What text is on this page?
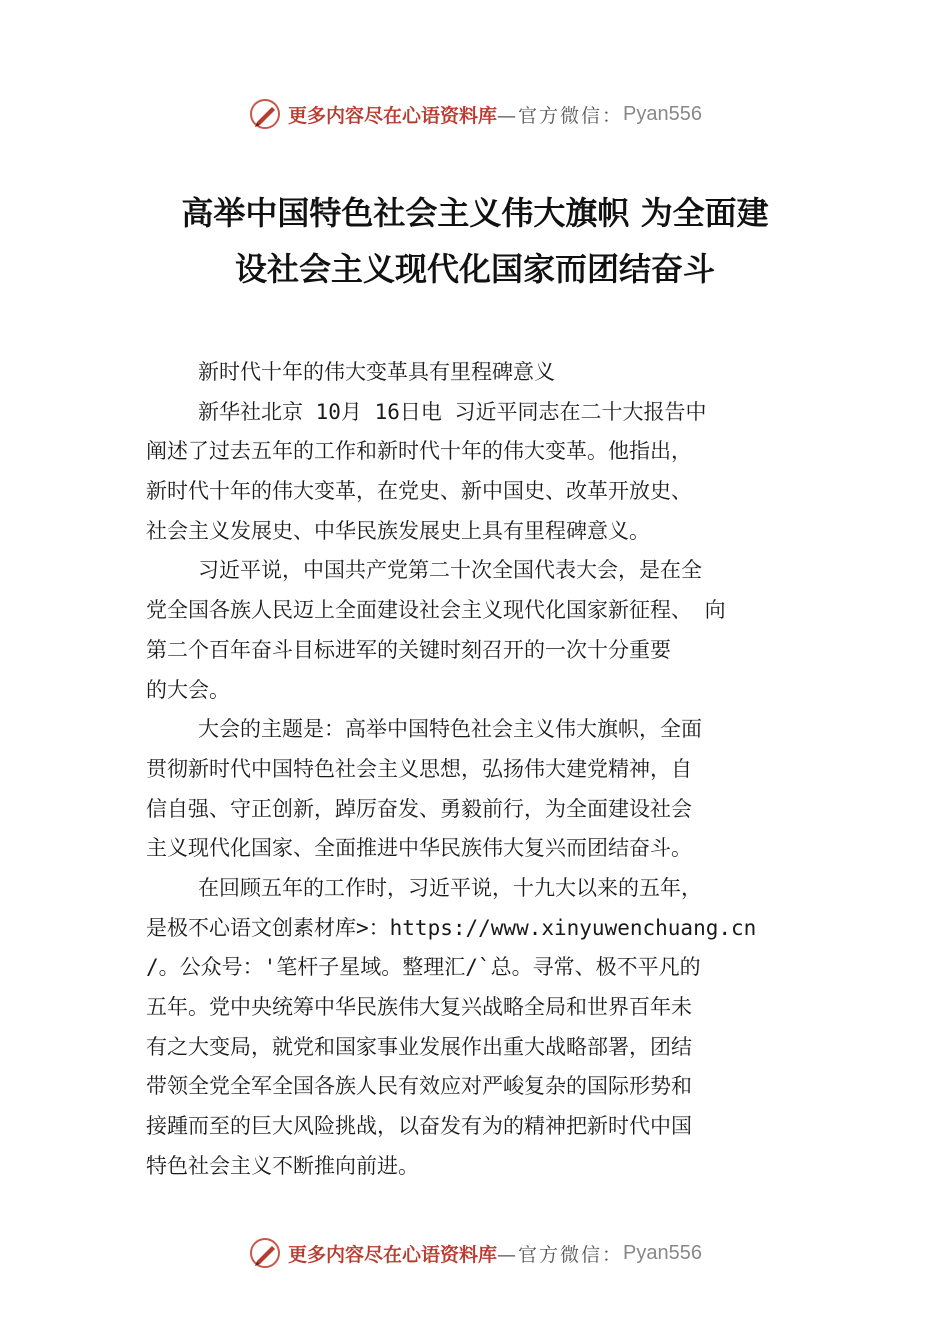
更多内容尽在心语资料库 —官方微信： Pyan556
高举中国特色社会主义伟大旗帜 为全面建
设社会主义现代化国家而团结奋斗
新时代十年的伟大变革具有里程碑意义
新华社北京 10月 16日电 习近平同志在二十大报告中
阐述了过去五年的工作和新时代十年的伟大变革。他指出，
新时代十年的伟大变革，在党史、新中国史、改革开放史、
社会主义发展史、中华民族发展史上具有里程碑意义。
习近平说，中国共产党第二十次全国代表大会，是在全
党全国各族人民迈上全面建设社会主义现代化国家新征程、 向
第二个百年奋斗目标进军的关键时刻召开的一次十分重要
的大会。
大会的主题是：高举中国特色社会主义伟大旗帜，全面
贯彻新时代中国特色社会主义思想，弘扬伟大建党精神，自
信自强、守正创新，踔厉奋发、勇毅前行，为全面建设社会
主义现代化国家、全面推进中华民族伟大复兴而团结奋斗。
在回顾五年的工作时，习近平说，十九大以来的五年，
是极不心语文创素材库>：https://www.xinyuwenchuang.cn
/。公众号：'笔杆子星域。整理汇/`总。寻常、极不平凡的
五年。党中央统筹中华民族伟大复兴战略全局和世界百年未
有之大变局，就党和国家事业发展作出重大战略部署，团结
带领全党全军全国各族人民有效应对严峻复杂的国际形势和
接踵而至的巨大风险挑战，以奋发有为的精神把新时代中国
特色社会主义不断推向前进。
更多内容尽在心语资料库 —官方微信： Pyan556
